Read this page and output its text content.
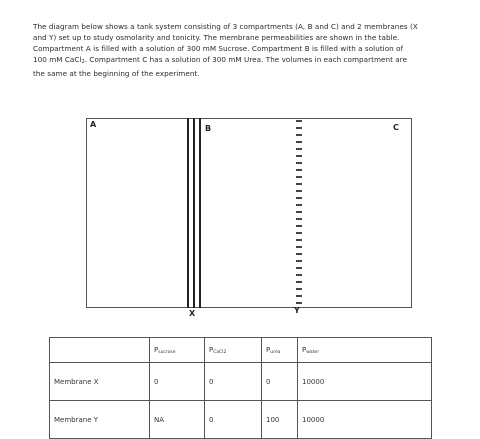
The diagram below shows a tank system consisting of 3 compartments (A, B and C) and 2 membranes (X
and Y) set up to study osmolarity and tonicity. The membrane permeabilities are shown in the table.
Compartment A is filled with a solution of 300 mM Sucrose. Compartment B is filled with a solution of
100 mM CaCl$_2$. Compartment C has a solution of 300 mM Urea. The volumes in each compartment are
the same at the beginning of the experiment.
A	B	C
X	Y
	$P_{sucrose}$	$P_{CaCl2}$	$P_{urea}$	$P_{water}$
Membrane X	0	0	0	10000
Membrane Y	NA	0	100	10000
